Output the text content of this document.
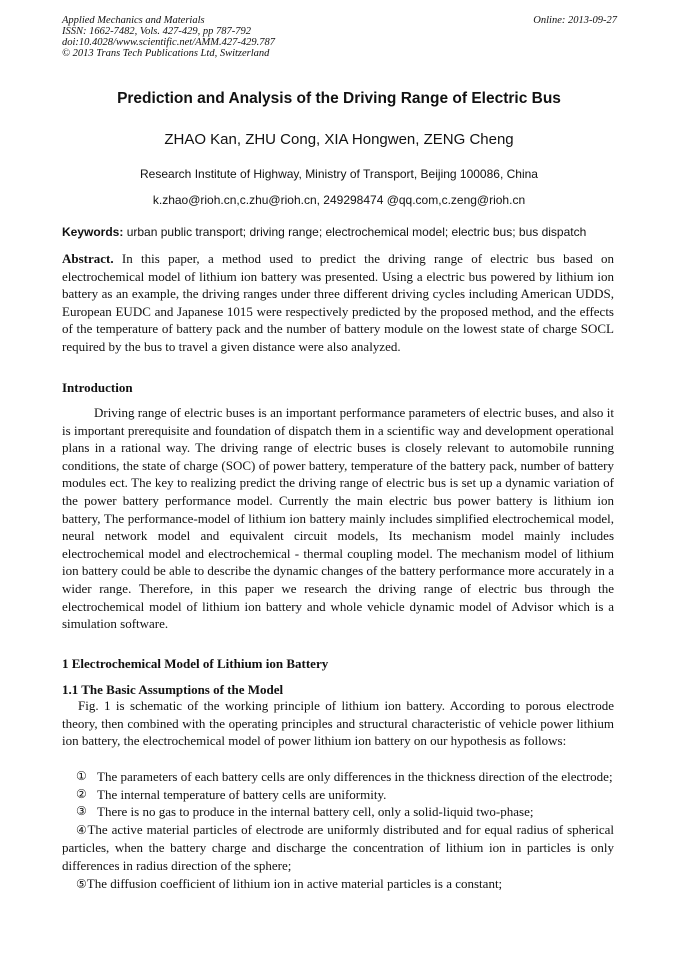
Applied Mechanics and Materials
ISSN: 1662-7482, Vols. 427-429, pp 787-792
doi:10.4028/www.scientific.net/AMM.427-429.787
© 2013 Trans Tech Publications Ltd, Switzerland
Online: 2013-09-27
Prediction and Analysis of the Driving Range of Electric Bus
ZHAO Kan, ZHU Cong, XIA Hongwen, ZENG Cheng
Research Institute of Highway, Ministry of Transport, Beijing 100086, China
k.zhao@rioh.cn,c.zhu@rioh.cn, 249298474 @qq.com,c.zeng@rioh.cn
Keywords: urban public transport; driving range; electrochemical model; electric bus; bus dispatch

Abstract. In this paper, a method used to predict the driving range of electric bus based on electrochemical model of lithium ion battery was presented. Using a electric bus powered by lithium ion battery as an example, the driving ranges under three different driving cycles including American UDDS, European EUDC and Japanese 1015 were respectively predicted by the proposed method, and the effects of the temperature of battery pack and the number of battery module on the lowest state of charge SOCL required by the bus to travel a given distance were also analyzed.

Introduction

Driving range of electric buses is an important performance parameters of electric buses, and also it is important prerequisite and foundation of dispatch them in a scientific way and development operational plans in a rational way. The driving range of electric buses is closely relevant to automobile running conditions, the state of charge (SOC) of power battery, temperature of the battery pack, number of battery modules ect. The key to realizing predict the driving range of electric bus is set up a dynamic variation of the power battery performance model. Currently the main electric bus power battery is lithium ion battery, The performance-model of lithium ion battery mainly includes simplified electrochemical model, neural network model and equivalent circuit models, Its mechanism model mainly includes electrochemical model and electrochemical - thermal coupling model. The mechanism model of lithium ion battery could be able to describe the dynamic changes of the battery performance more accurately in a wider range. Therefore, in this paper we research the driving range of electric bus through the electrochemical model of lithium ion battery and whole vehicle dynamic model of Advisor which is a simulation software.

1 Electrochemical Model of Lithium ion Battery
1.1 The Basic Assumptions of the Model

Fig. 1 is schematic of the working principle of lithium ion battery. According to porous electrode theory, then combined with the operating principles and structural characteristic of vehicle power lithium ion battery, the electrochemical model of power lithium ion battery on our hypothesis as follows:

① The parameters of each battery cells are only differences in the thickness direction of the electrode;
② The internal temperature of battery cells are uniformity.
③ There is no gas to produce in the internal battery cell, only a solid-liquid two-phase;
④The active material particles of electrode are uniformly distributed and for equal radius of spherical particles, when the battery charge and discharge the concentration of lithium ion in particles is only differences in radius direction of the sphere;
⑤The diffusion coefficient of lithium ion in active material particles is a constant;
